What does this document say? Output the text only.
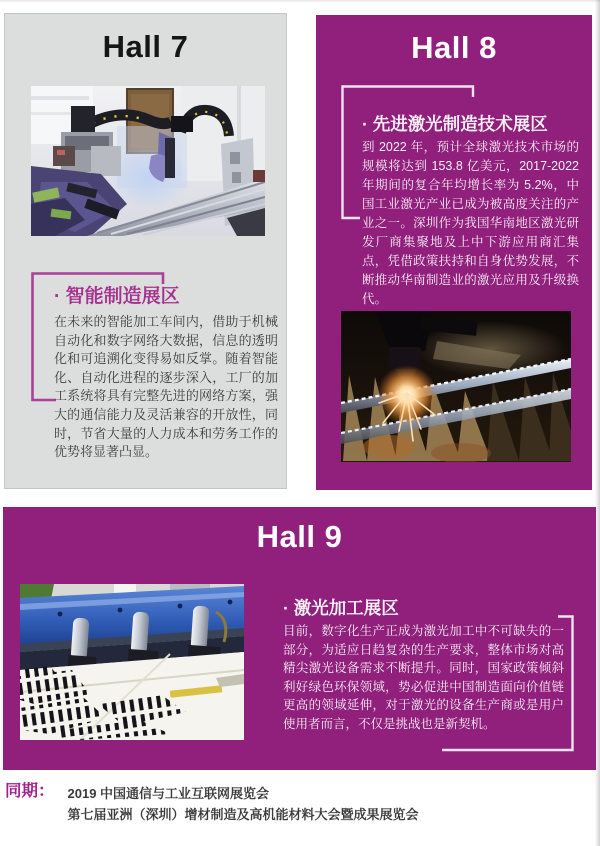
Hall 7
· 智能制造展区
在未来的智能加工车间内，借助于机械自动化和数字网络大数据，信息的透明化和可追溯化变得易如反掌。随着智能化、自动化进程的逐步深入，工厂的加工系统将具有完整先进的网络方案，强大的通信能力及灵活兼容的开放性，同时，节省大量的人力成本和劳务工作的优势将显著凸显。
Hall 8
· 先进激光制造技术展区
到 2022 年，预计全球激光技术市场的规模将达到 153.8 亿美元，2017-2022 年期间的复合年均增长率为 5.2%，中国工业激光产业已成为被高度关注的产业之一。深圳作为我国华南地区激光研发厂商集聚地及上中下游应用商汇集点，凭借政策扶持和自身优势发展，不断推动华南制造业的激光应用及升级换代。
Hall 9
· 激光加工展区
目前，数字化生产正成为激光加工中不可缺失的一部分，为适应日趋复杂的生产要求，整体市场对高精尖激光设备需求不断提升。同时，国家政策倾斜利好绿色环保领域，势必促进中国制造面向价值链更高的领域延伸，对于激光的设备生产商或是用户使用者而言，不仅是挑战也是新契机。
同期： 2019 中国通信与工业互联网展览会
第七届亚洲（深圳）增材制造及高机能材料大会暨成果展览会
